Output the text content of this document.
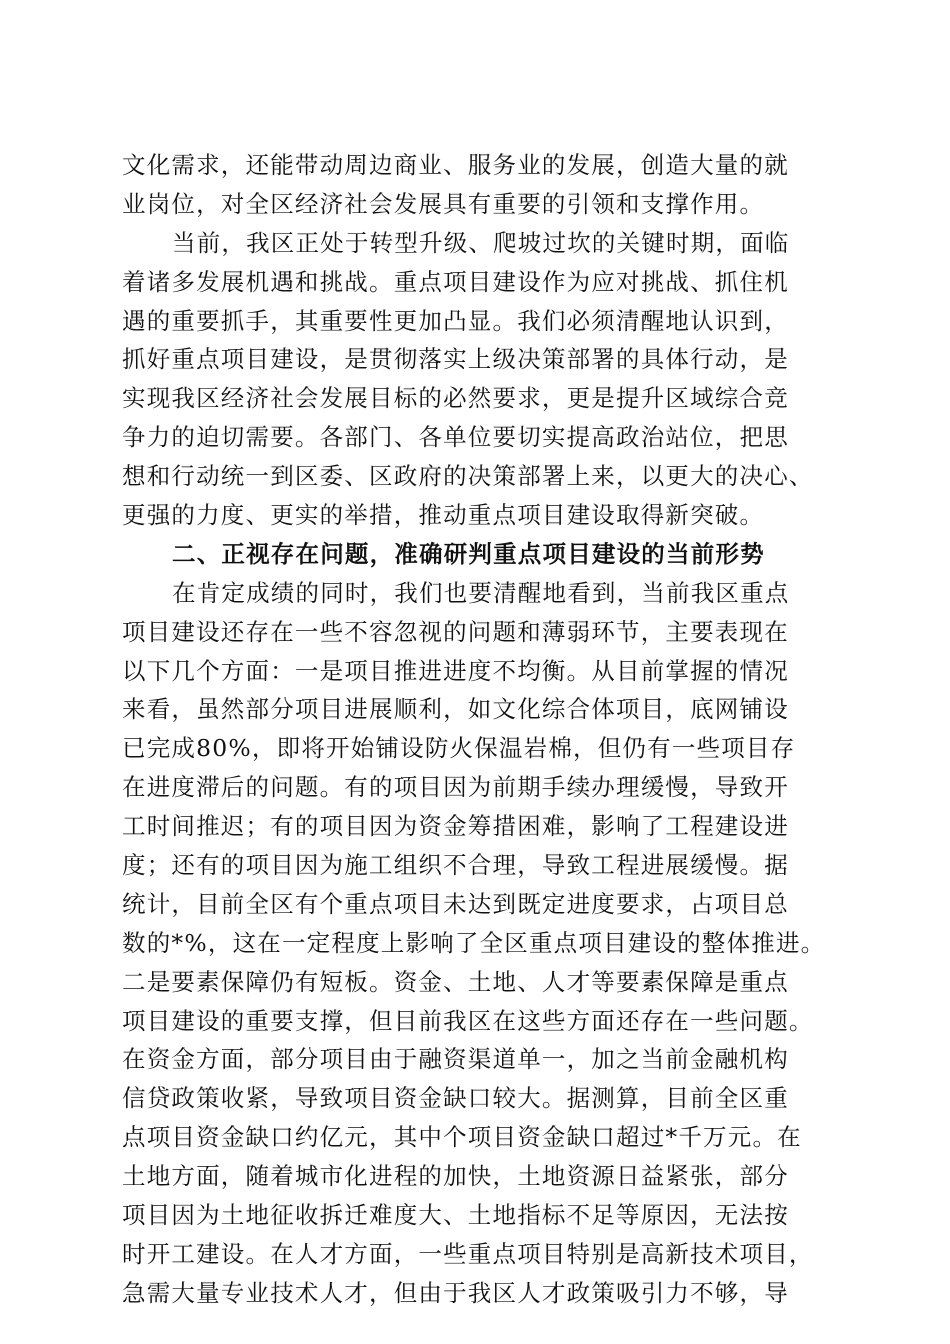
文化需求，还能带动周边商业、服务业的发展，创造大量的就
业岗位，对全区经济社会发展具有重要的引领和支撑作用。
当前，我区正处于转型升级、爬坡过坎的关键时期，面临
着诸多发展机遇和挑战。重点项目建设作为应对挑战、抓住机
遇的重要抓手，其重要性更加凸显。我们必须清醒地认识到，
抓好重点项目建设，是贯彻落实上级决策部署的具体行动，是
实现我区经济社会发展目标的必然要求，更是提升区域综合竞
争力的迫切需要。各部门、各单位要切实提高政治站位，把思
想和行动统一到区委、区政府的决策部署上来，以更大的决心、
更强的力度、更实的举措，推动重点项目建设取得新突破。
二、正视存在问题，准确研判重点项目建设的当前形势
在肯定成绩的同时，我们也要清醒地看到，当前我区重点
项目建设还存在一些不容忽视的问题和薄弱环节，主要表现在
以下几个方面：一是项目推进进度不均衡。从目前掌握的情况
来看，虽然部分项目进展顺利，如文化综合体项目，底网铺设
已完成80%，即将开始铺设防火保温岩棉，但仍有一些项目存
在进度滞后的问题。有的项目因为前期手续办理缓慢，导致开
工时间推迟；有的项目因为资金筹措困难，影响了工程建设进
度；还有的项目因为施工组织不合理，导致工程进展缓慢。据
统计，目前全区有个重点项目未达到既定进度要求，占项目总
数的*%，这在一定程度上影响了全区重点项目建设的整体推进。
二是要素保障仍有短板。资金、土地、人才等要素保障是重点
项目建设的重要支撑，但目前我区在这些方面还存在一些问题。
在资金方面，部分项目由于融资渠道单一，加之当前金融机构
信贷政策收紧，导致项目资金缺口较大。据测算，目前全区重
点项目资金缺口约亿元，其中个项目资金缺口超过*千万元。在
土地方面，随着城市化进程的加快，土地资源日益紧张，部分
项目因为土地征收拆迁难度大、土地指标不足等原因，无法按
时开工建设。在人才方面，一些重点项目特别是高新技术项目，
急需大量专业技术人才，但由于我区人才政策吸引力不够，导
